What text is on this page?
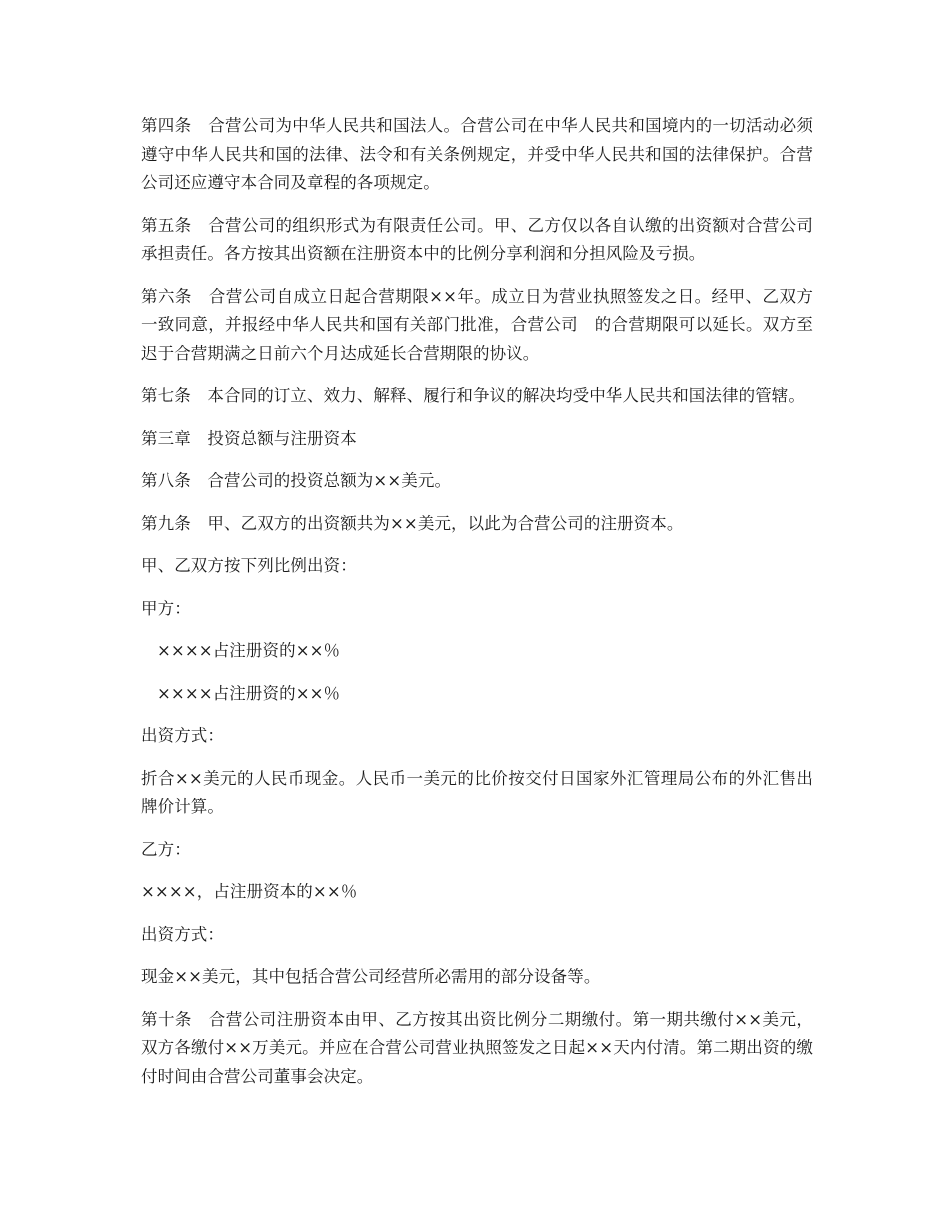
第四条　合营公司为中华人民共和国法人。合营公司在中华人民共和国境内的一切活动必须遵守中华人民共和国的法律、法令和有关条例规定，并受中华人民共和国的法律保护。合营公司还应遵守本合同及章程的各项规定。

第五条　合营公司的组织形式为有限责任公司。甲、乙方仅以各自认缴的出资额对合营公司承担责任。各方按其出资额在注册资本中的比例分享利润和分担风险及亏损。

第六条　合营公司自成立日起合营期限××年。成立日为营业执照签发之日。经甲、乙双方一致同意，并报经中华人民共和国有关部门批准，合营公司　的合营期限可以延长。双方至迟于合营期满之日前六个月达成延长合营期限的协议。

第七条　本合同的订立、效力、解释、履行和争议的解决均受中华人民共和国法律的管辖。

第三章　投资总额与注册资本

第八条　合营公司的投资总额为××美元。

第九条　甲、乙双方的出资额共为××美元，以此为合营公司的注册资本。

甲、乙双方按下列比例出资：

甲方：

××××占注册资的××％

××××占注册资的××％

出资方式：

折合××美元的人民币现金。人民币一美元的比价按交付日国家外汇管理局公布的外汇售出牌价计算。

乙方：

××××，占注册资本的××％

出资方式：

现金××美元，其中包括合营公司经营所必需用的部分设备等。

第十条　合营公司注册资本由甲、乙方按其出资比例分二期缴付。第一期共缴付××美元，双方各缴付××万美元。并应在合营公司营业执照签发之日起××天内付清。第二期出资的缴付时间由合营公司董事会决定。
